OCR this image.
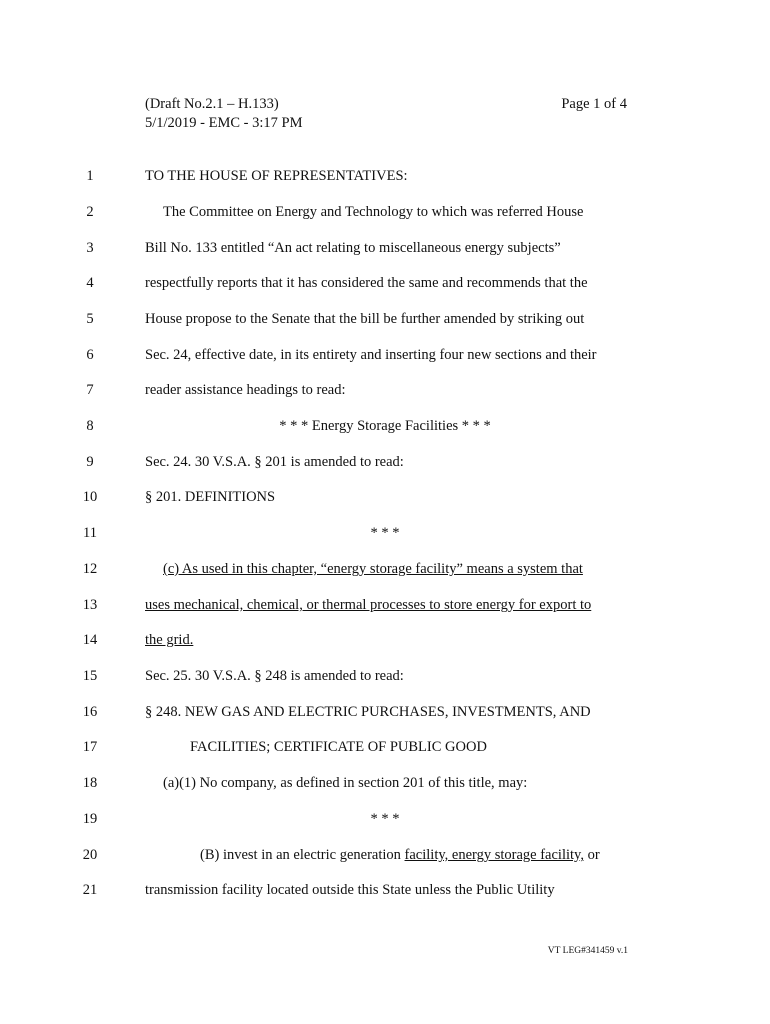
(Draft No.2.1 – H.133)
5/1/2019 - EMC - 3:17 PM
Page 1 of 4
1	TO THE HOUSE OF REPRESENTATIVES:
2	The Committee on Energy and Technology to which was referred House
3	Bill No. 133 entitled “An act relating to miscellaneous energy subjects”
4	respectfully reports that it has considered the same and recommends that the
5	House propose to the Senate that the bill be further amended by striking out
6	Sec. 24, effective date, in its entirety and inserting four new sections and their
7	reader assistance headings to read:
8	* * * Energy Storage Facilities * * *
9	Sec. 24. 30 V.S.A. § 201 is amended to read:
10	§ 201. DEFINITIONS
11	* * *
12	(c) As used in this chapter, “energy storage facility” means a system that
13	uses mechanical, chemical, or thermal processes to store energy for export to
14	the grid.
15	Sec. 25. 30 V.S.A. § 248 is amended to read:
16	§ 248. NEW GAS AND ELECTRIC PURCHASES, INVESTMENTS, AND
17	FACILITIES; CERTIFICATE OF PUBLIC GOOD
18	(a)(1) No company, as defined in section 201 of this title, may:
19	* * *
20	(B) invest in an electric generation facility, energy storage facility, or
21	transmission facility located outside this State unless the Public Utility
VT LEG#341459 v.1
